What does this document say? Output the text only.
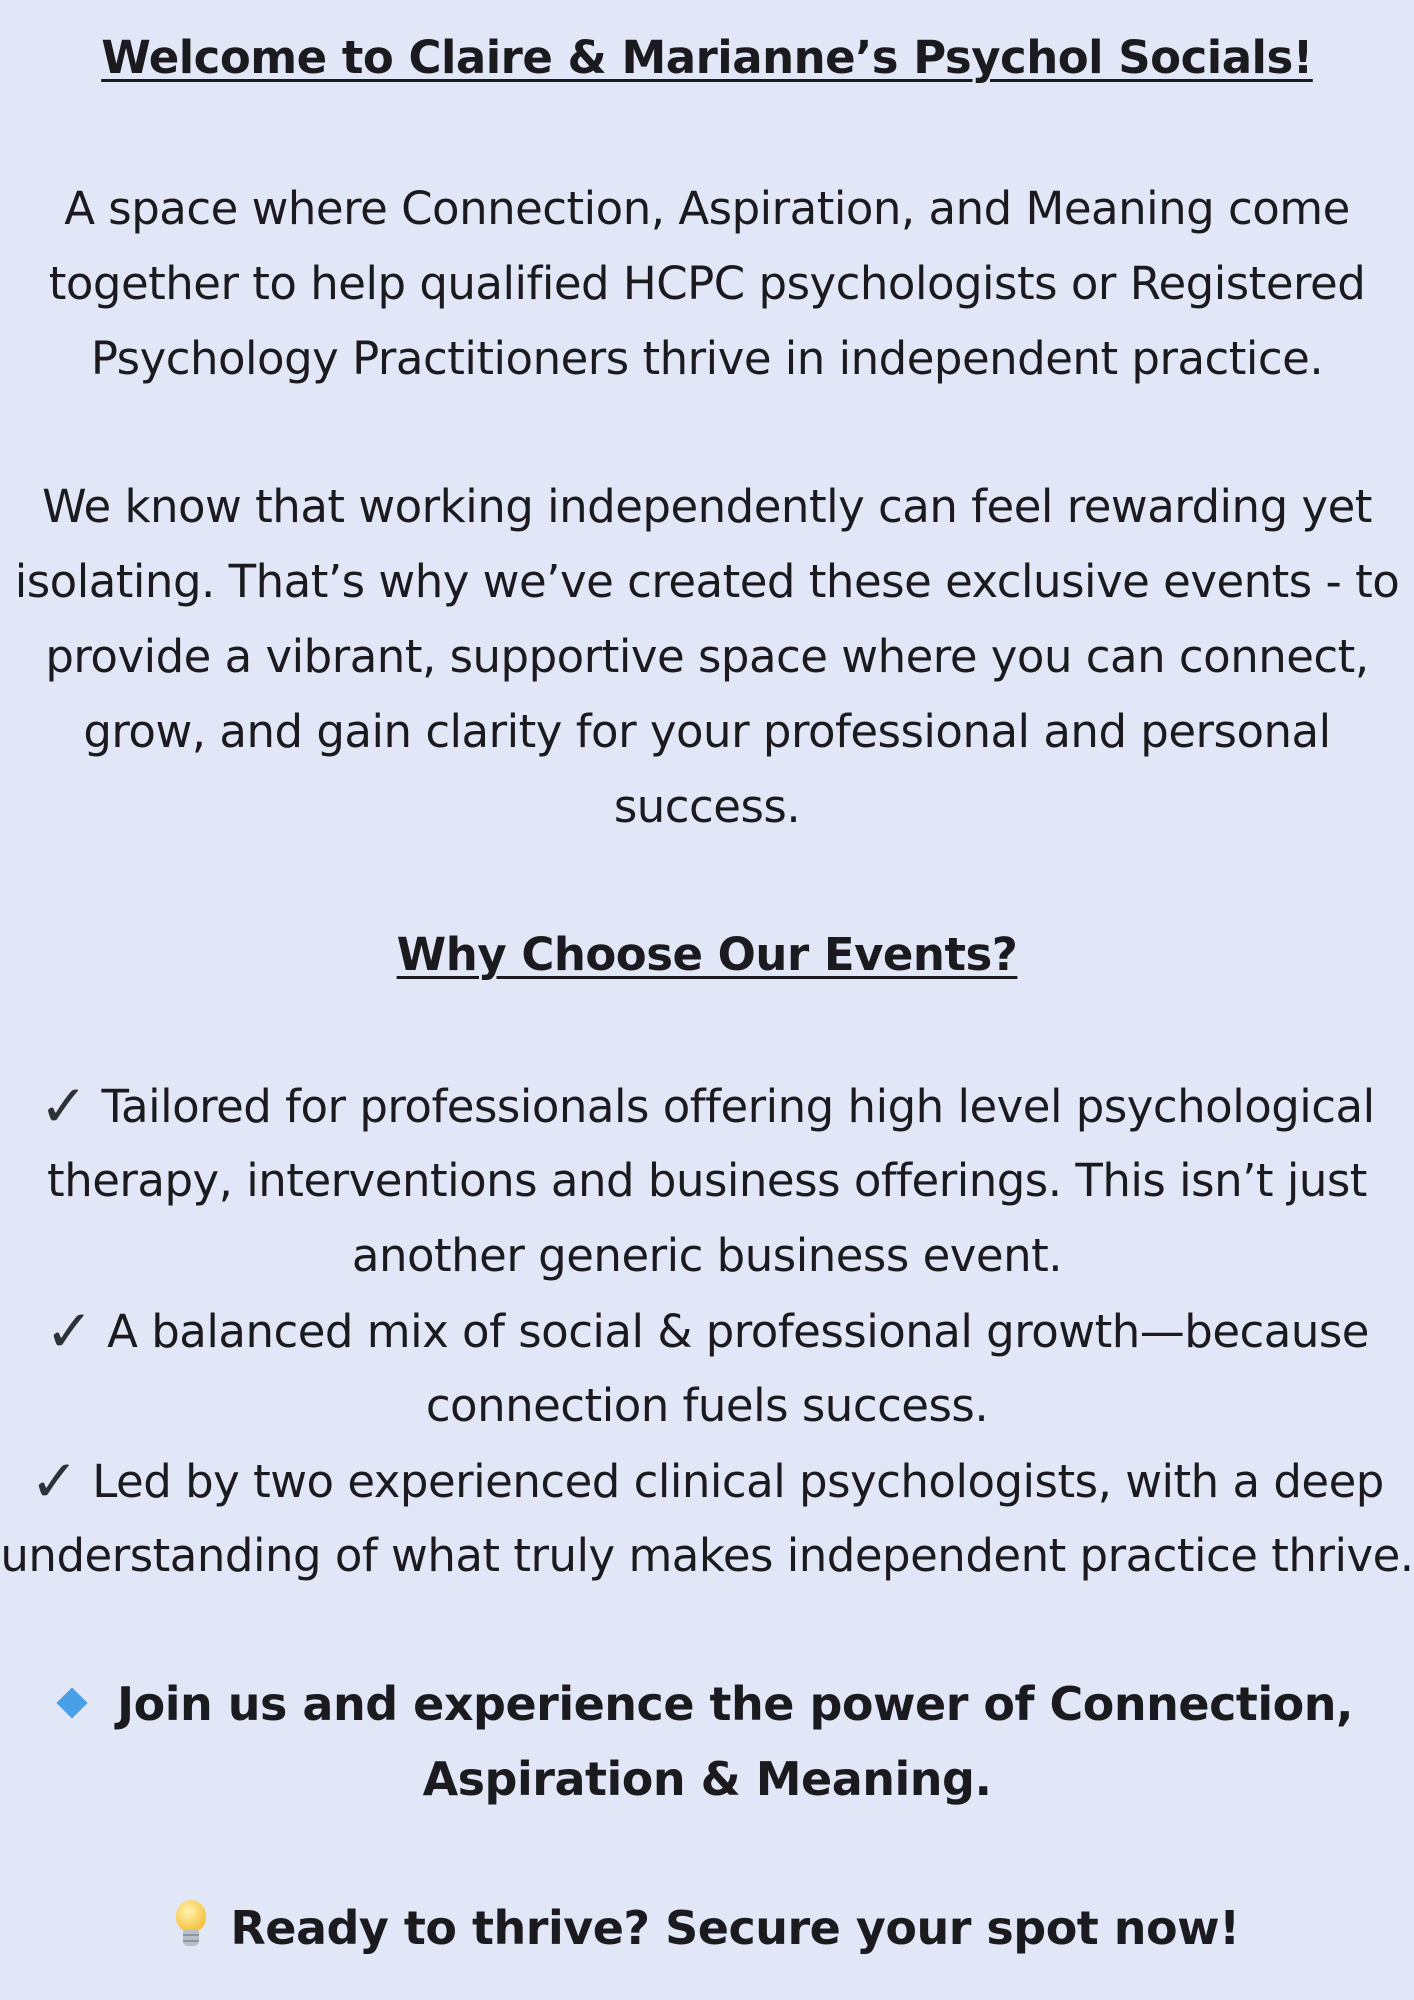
Welcome to Claire & Marianne’s Psychol Socials!
A space where Connection, Aspiration, and Meaning come
together to help qualified HCPC psychologists or Registered
Psychology Practitioners thrive in independent practice.
We know that working independently can feel rewarding yet
isolating. That’s why we’ve created these exclusive events - to
provide a vibrant, supportive space where you can connect,
grow, and gain clarity for your professional and personal
success.
Why Choose Our Events?
✓ Tailored for professionals offering high level psychological
therapy, interventions and business offerings. This isn’t just
another generic business event.
✓ A balanced mix of social & professional growth—because
connection fuels success.
✓ Led by two experienced clinical psychologists, with a deep
understanding of what truly makes independent practice thrive.
Join us and experience the power of Connection,
Aspiration & Meaning.
Ready to thrive? Secure your spot now!
